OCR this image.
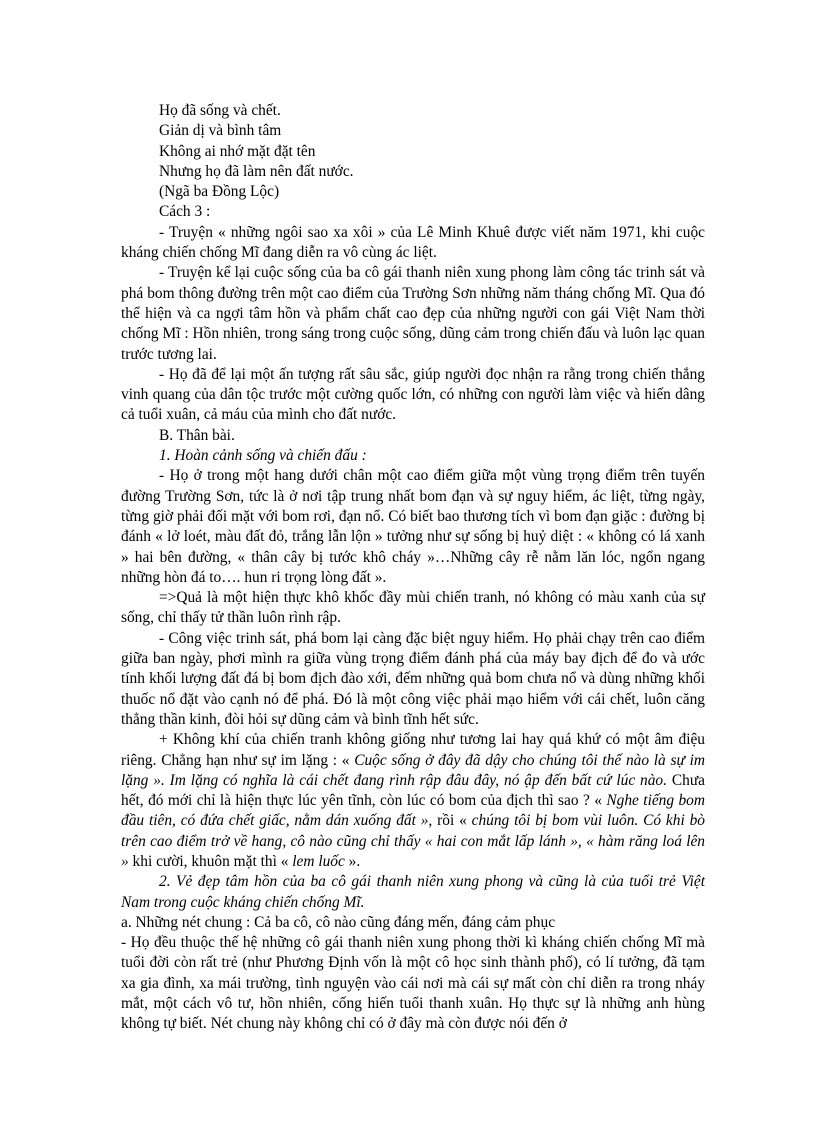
Họ đã sống và chết.

Giản dị và bình tâm

Không ai nhớ mặt đặt tên

Nhưng họ đã làm nên đất nước.

(Ngã ba Đồng Lộc)

Cách 3 :

- Truyện « những ngôi sao xa xôi » của Lê Minh Khuê được viết năm 1971, khi cuộc kháng chiến chống Mĩ đang diễn ra vô cùng ác liệt.

- Truyện kể lại cuộc sống của ba cô gái thanh niên xung phong làm công tác trinh sát và phá bom thông đường trên một cao điểm của Trường Sơn những năm tháng chống Mĩ. Qua đó thể hiện và ca ngợi tâm hồn và phẩm chất cao đẹp của những người con gái Việt Nam thời chống Mĩ : Hồn nhiên, trong sáng trong cuộc sống, dũng cảm trong chiến đấu và luôn lạc quan trước tương lai.

- Họ đã để lại một ấn tượng rất sâu sắc, giúp người đọc nhận ra rằng trong chiến thắng vinh quang của dân tộc trước một cường quốc lớn, có những con người làm việc và hiến dâng cả tuổi xuân, cả máu của mình cho đất nước.

B. Thân bài.

1. Hoàn cảnh sống và chiến đấu :

- Họ ở trong một hang dưới chân một cao điểm giữa một vùng trọng điểm trên tuyến đường Trường Sơn, tức là ở nơi tập trung nhất bom đạn và sự nguy hiểm, ác liệt, từng ngày, từng giờ phải đối mặt với bom rơi, đạn nổ. Có biết bao thương tích vì bom đạn giặc : đường bị đánh « lở loét, màu đất đỏ, trắng lẫn lộn » tưởng như sự sống bị huỷ diệt : « không có lá xanh » hai bên đường, « thân cây bị tước khô cháy »…Những cây rễ nằm lăn lóc, ngổn ngang những hòn đá to…. hun ri trọng lòng đất ».

=>Quả là một hiện thực khô khốc đầy mùi chiến tranh, nó không có màu xanh của sự sống, chỉ thấy tử thần luôn rình rập.

- Công việc trinh sát, phá bom lại càng đặc biệt nguy hiểm. Họ phải chạy trên cao điểm giữa ban ngày, phơi mình ra giữa vùng trọng điểm đánh phá của máy bay địch để đo và ước tính khối lượng đất đá bị bom địch đào xới, đếm những quả bom chưa nổ và dùng những khối thuốc nổ đặt vào cạnh nó để phá. Đó là một công việc phải mạo hiểm với cái chết, luôn căng thẳng thần kinh, đòi hỏi sự dũng cảm và bình tĩnh hết sức.

+ Không khí của chiến tranh không giống như tương lai hay quá khứ có một âm điệu riêng. Chẳng hạn như sự im lặng : « Cuộc sống ở đây đã dậy cho chúng tôi thế nào là sự im lặng ». Im lặng có nghĩa là cái chết đang rình rập đâu đây, nó ập đến bất cứ lúc nào. Chưa hết, đó mới chỉ là hiện thực lúc yên tĩnh, còn lúc có bom của địch thì sao ? « Nghe tiếng bom đầu tiên, có đứa chết giấc, nằm dán xuống đất », rồi « chúng tôi bị bom vùi luôn. Có khi bò trên cao điểm trở về hang, cô nào cũng chỉ thấy « hai con mắt lấp lánh », « hàm răng loá lên » khi cười, khuôn mặt thì « lem luốc ».

2. Vẻ đẹp tâm hồn của ba cô gái thanh niên xung phong và cũng là của tuổi trẻ Việt Nam trong cuộc kháng chiến chống Mĩ.

a. Những nét chung : Cả ba cô, cô nào cũng đáng mến, đáng cảm phục

- Họ đều thuộc thế hệ những cô gái thanh niên xung phong thời kì kháng chiến chống Mĩ mà tuổi đời còn rất trẻ (như Phương Định vốn là một cô học sinh thành phố), có lí tưởng, đã tạm xa gia đình, xa mái trường, tình nguyện vào cái nơi mà cái sự mất còn chỉ diễn ra trong nháy mắt, một cách vô tư, hồn nhiên, cống hiến tuổi thanh xuân. Họ thực sự là những anh hùng không tự biết. Nét chung này không chỉ có ở đây mà còn được nói đến ở
